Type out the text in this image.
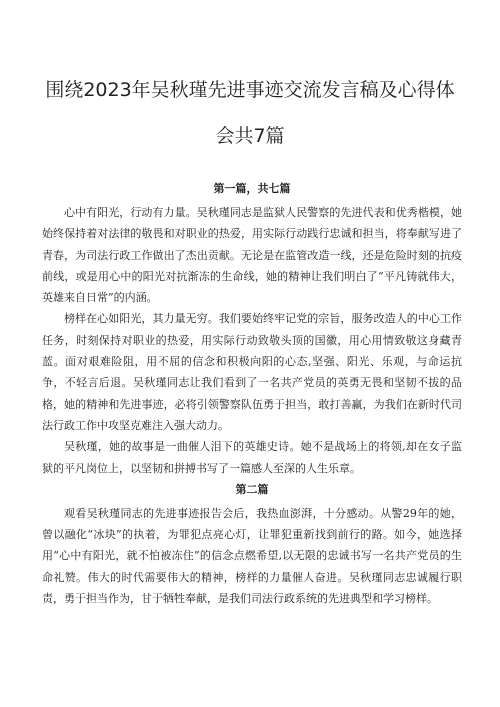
围绕2023年吴秋瑾先进事迹交流发言稿及心得体
会共7篇
第一篇，共七篇

心中有阳光，行动有力量。吴秋瑾同志是监狱人民警察的先进代表和优秀楷模，她始终保持着对法律的敬畏和对职业的热爱，用实际行动践行忠诚和担当，将奉献写进了青春，为司法行政工作做出了杰出贡献。无论是在监管改造一线，还是危险时刻的抗疫前线，或是用心中的阳光对抗渐冻的生命线，她的精神让我们明白了“平凡铸就伟大，英雄来自日常”的内涵。

榜样在心如阳光，其力量无穷。我们要始终牢记党的宗旨，服务改造人的中心工作任务，时刻保持对职业的热爱，用实际行动致敬头顶的国徽，用心用情致敬这身藏青蓝。面对艰难险阻，用不屈的信念和积极向阳的心态,坚强、阳光、乐观，与命运抗争，不轻言后退。吴秋瑾同志让我们看到了一名共产党员的英勇无畏和坚韧不拔的品格，她的精神和先进事迹，必将引领警察队伍勇于担当，敢打善赢，为我们在新时代司法行政工作中攻坚克难注入强大动力。

吴秋瑾，她的故事是一曲催人泪下的英雄史诗。她不是战场上的将领,却在女子监狱的平凡岗位上，以坚韧和拼搏书写了一篇感人至深的人生乐章。

第二篇

观看吴秋瑾同志的先进事迹报告会后，我热血澎湃，十分感动。从警29年的她，曾以融化“冰块”的执着，为罪犯点亮心灯，让罪犯重新找到前行的路。如今，她选择用“心中有阳光，就不怕被冻住”的信念点燃希望,以无限的忠诚书写一名共产党员的生命礼赞。伟大的时代需要伟大的精神，榜样的力量催人奋进。吴秋瑾同志忠诚履行职责，勇于担当作为，甘于牺牲奉献，是我们司法行政系统的先进典型和学习榜样。
